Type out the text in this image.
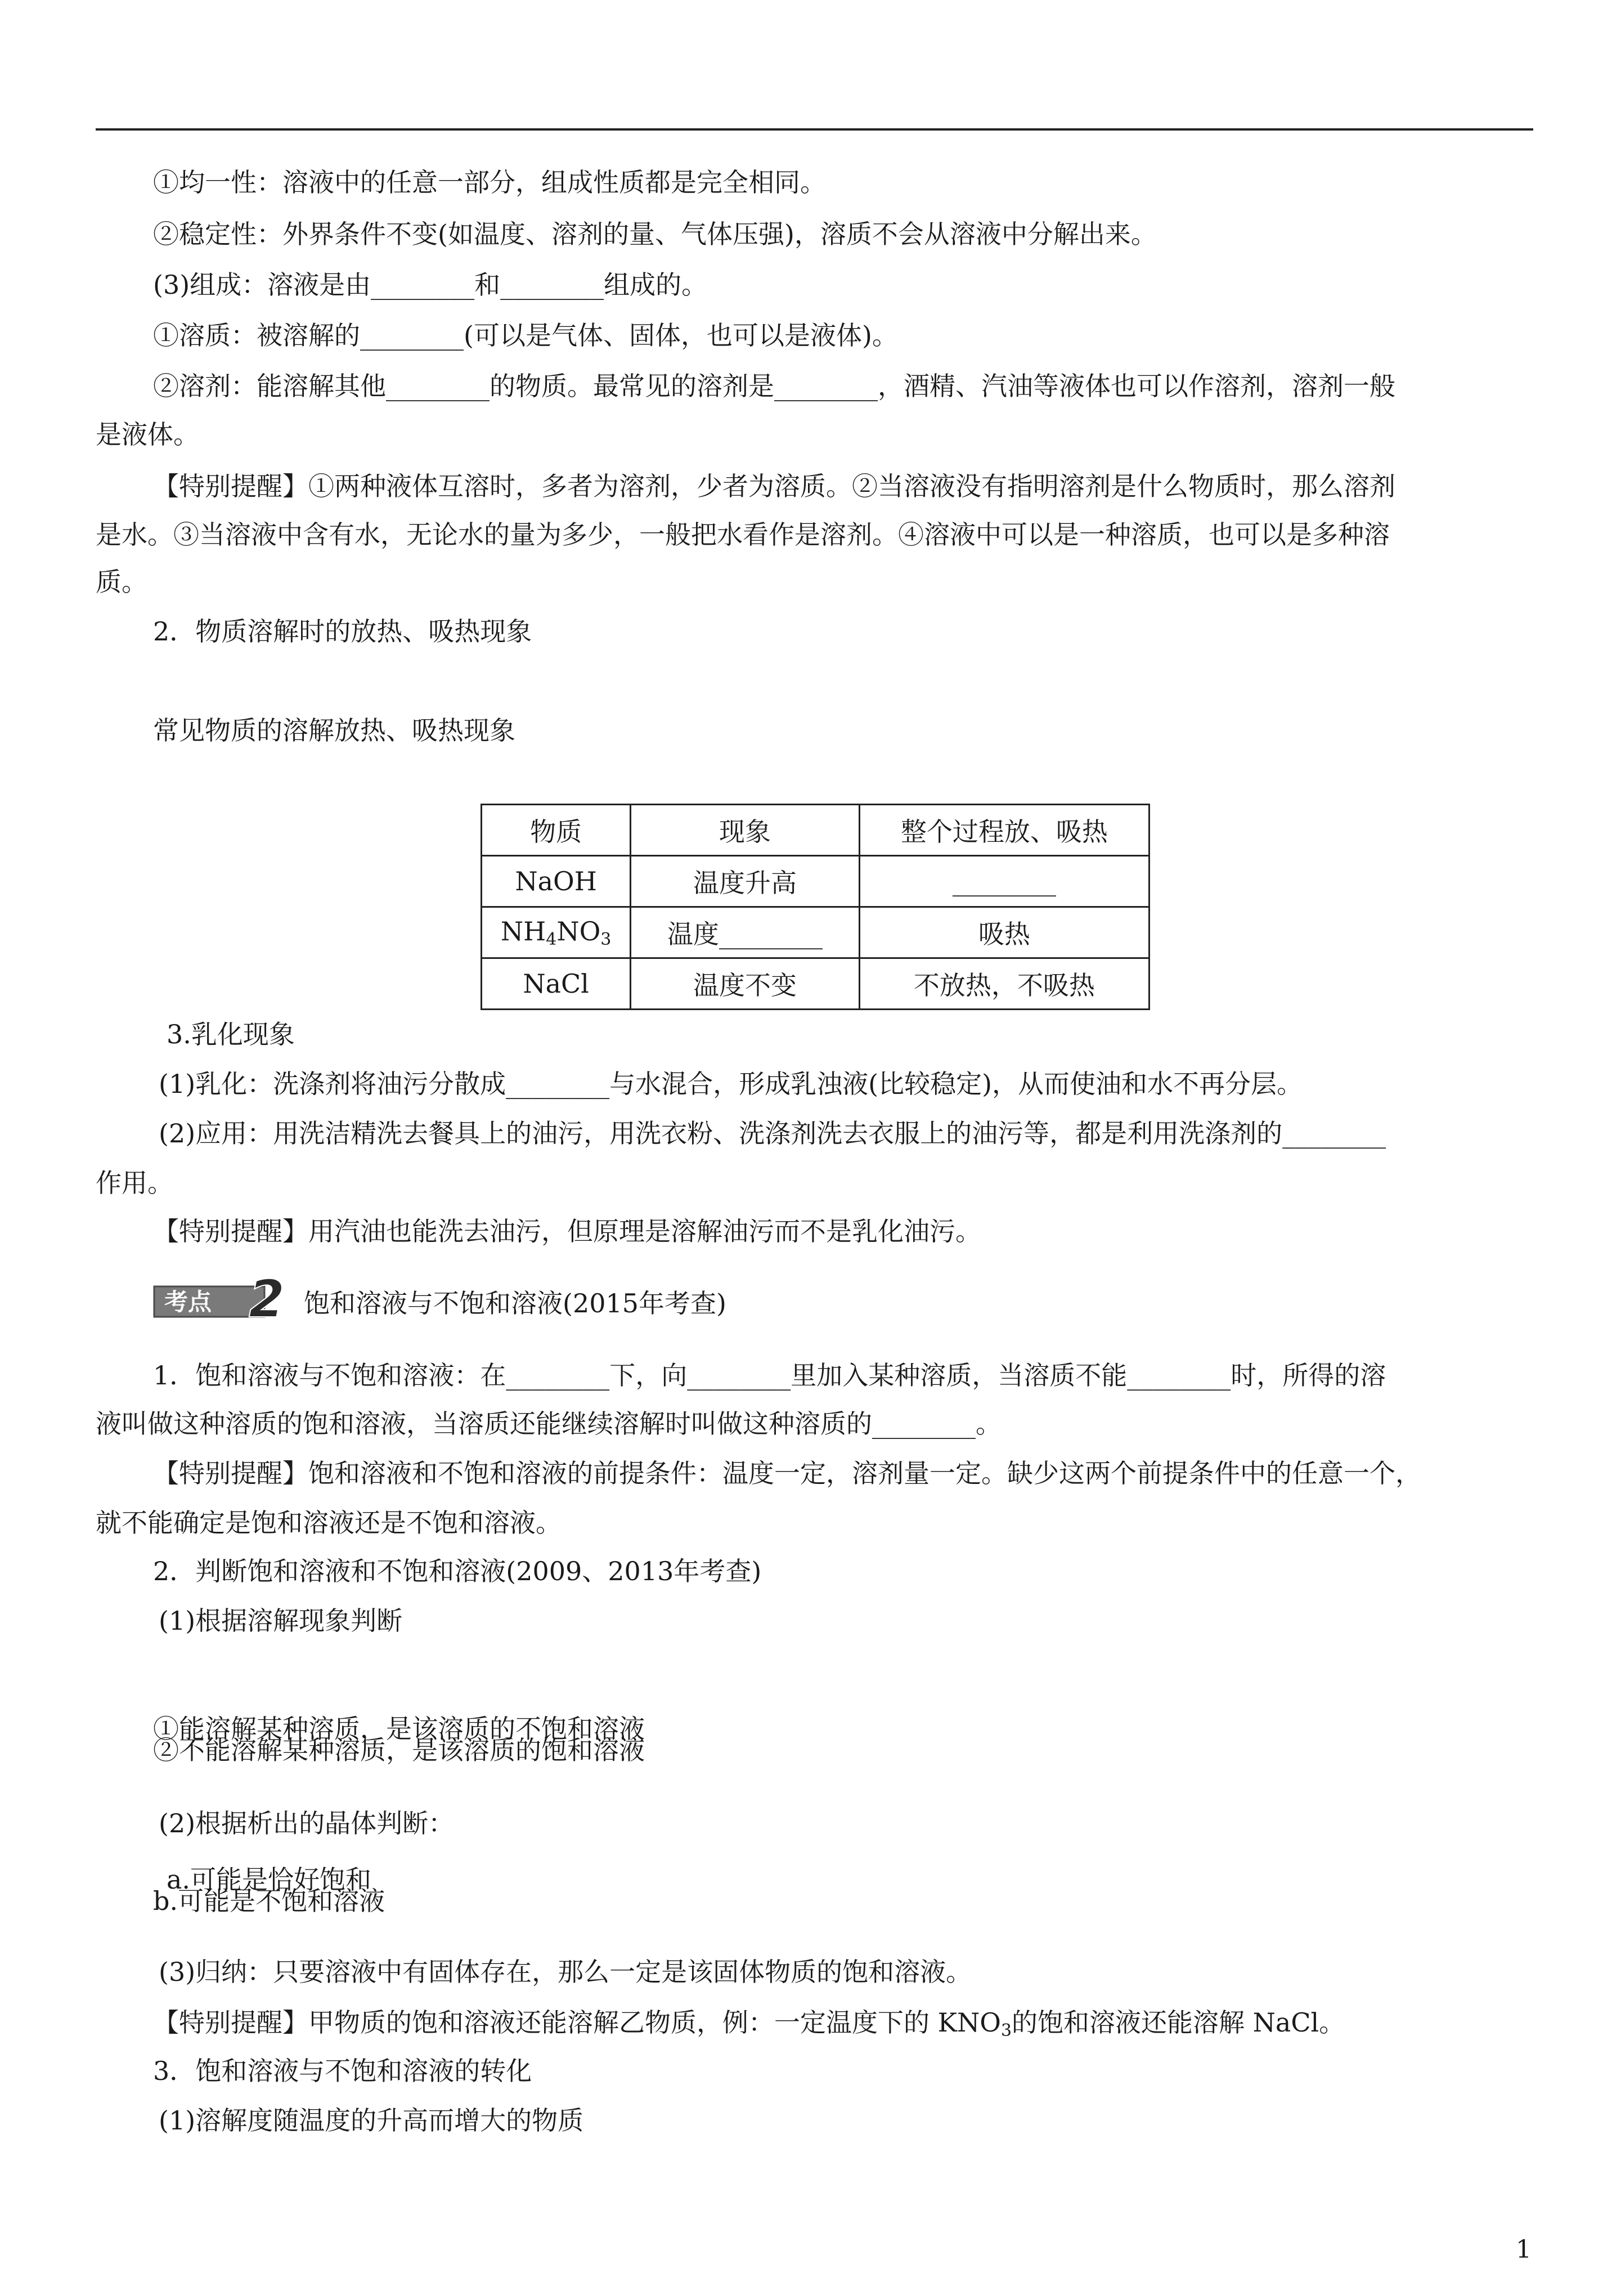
①均一性：溶液中的任意一部分，组成性质都是完全相同。
②稳定性：外界条件不变(如温度、溶剂的量、气体压强)，溶质不会从溶液中分解出来。
(3)组成：溶液是由________和________组成的。
①溶质：被溶解的________(可以是气体、固体，也可以是液体)。
②溶剂：能溶解其他________的物质。最常见的溶剂是________，酒精、汽油等液体也可以作溶剂，溶剂一般
是液体。
【特别提醒】①两种液体互溶时，多者为溶剂，少者为溶质。②当溶液没有指明溶剂是什么物质时，那么溶剂
是水。③当溶液中含有水，无论水的量为多少，一般把水看作是溶剂。④溶液中可以是一种溶质，也可以是多种溶
质。
2．物质溶解时的放热、吸热现象
常见物质的溶解放热、吸热现象
物质	现象	整个过程放、吸热
NaOH	温度升高	________
$NH_4NO_3$	温度________	吸热
NaCl	温度不变	不放热，不吸热
3.乳化现象
(1)乳化：洗涤剂将油污分散成________与水混合，形成乳浊液(比较稳定)，从而使油和水不再分层。
(2)应用：用洗洁精洗去餐具上的油污，用洗衣粉、洗涤剂洗去衣服上的油污等，都是利用洗涤剂的________
作用。
【特别提醒】用汽油也能洗去油污，但原理是溶解油污而不是乳化油污。
考点 2 饱和溶液与不饱和溶液(2015年考查)
1．饱和溶液与不饱和溶液：在________下，向________里加入某种溶质，当溶质不能________时，所得的溶
液叫做这种溶质的饱和溶液，当溶质还能继续溶解时叫做这种溶质的________。
【特别提醒】饱和溶液和不饱和溶液的前提条件：温度一定，溶剂量一定。缺少这两个前提条件中的任意一个，
就不能确定是饱和溶液还是不饱和溶液。
2．判断饱和溶液和不饱和溶液(2009、2013年考查)
(1)根据溶解现象判断
①能溶解某种溶质，是该溶质的不饱和溶液
②不能溶解某种溶质，是该溶质的饱和溶液
(2)根据析出的晶体判断：
a.可能是恰好饱和
b.可能是不饱和溶液
(3)归纳：只要溶液中有固体存在，那么一定是该固体物质的饱和溶液。
【特别提醒】甲物质的饱和溶液还能溶解乙物质，例：一定温度下的 $KNO_3$的饱和溶液还能溶解 NaCl。
3．饱和溶液与不饱和溶液的转化
(1)溶解度随温度的升高而增大的物质
1
